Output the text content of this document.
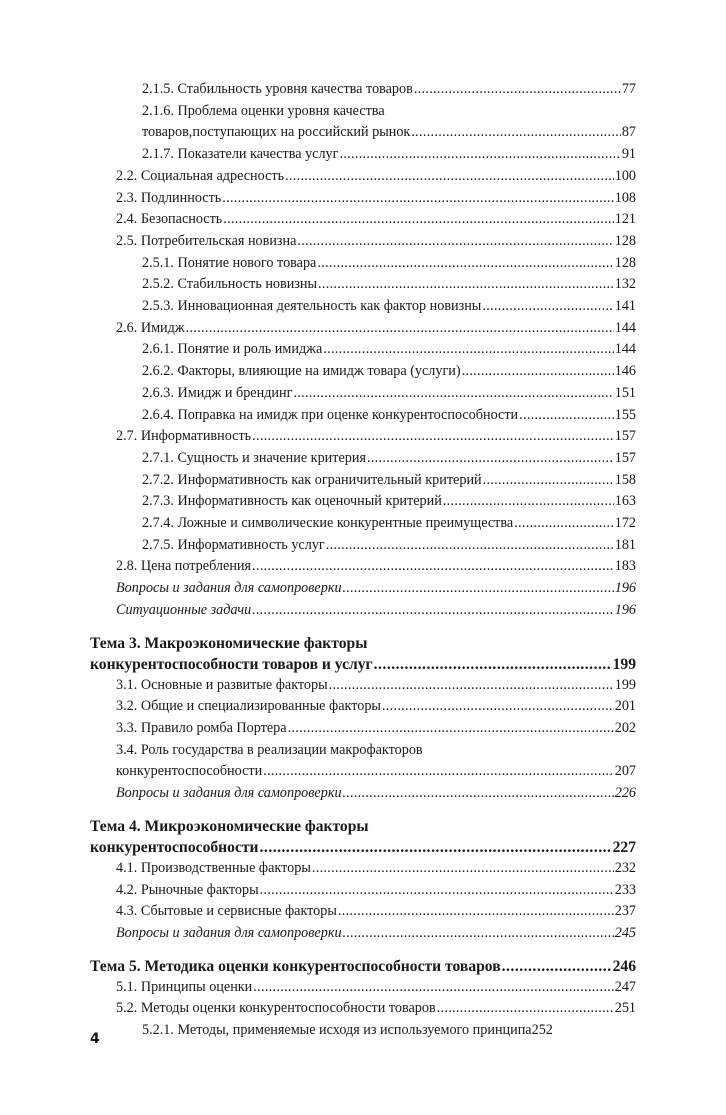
2.1.5. Стабильность уровня качества товаров .....	77
2.1.6. Проблема оценки уровня качества
товаров,поступающих на российский рынок .....	87
2.1.7. Показатели качества услуг .....	91
2.2. Социальная адресность .....	100
2.3. Подлинность .....	108
2.4. Безопасность .....	121
2.5. Потребительская новизна .....	128
2.5.1. Понятие нового товара .....	128
2.5.2. Стабильность новизны .....	132
2.5.3. Инновационная деятельность как фактор новизны .....	141
2.6. Имидж .....	144
2.6.1. Понятие и роль имиджа .....	144
2.6.2. Факторы, влияющие на имидж товара (услуги) .....	146
2.6.3. Имидж и брендинг .....	151
2.6.4. Поправка на имидж при оценке конкурентоспособности .....	155
2.7. Информативность .....	157
2.7.1. Сущность и значение критерия .....	157
2.7.2. Информативность как ограничительный критерий .....	158
2.7.3. Информативность как оценочный критерий .....	163
2.7.4. Ложные и символические конкурентные преимущества .....	172
2.7.5. Информативность услуг .....	181
2.8. Цена потребления .....	183
Вопросы и задания для самопроверки .....	196
Ситуационные задачи .....	196
Тема 3. Макроэкономические факторы
конкурентоспособности товаров и услуг .....	199
3.1. Основные и развитые факторы .....	199
3.2. Общие и специализированные факторы .....	201
3.3. Правило ромба Портера .....	202
3.4. Роль государства в реализации макрофакторов
конкурентоспособности .....	207
Вопросы и задания для самопроверки .....	226
Тема 4. Микроэкономические факторы
конкурентоспособности .....	227
4.1. Производственные факторы .....	232
4.2. Рыночные факторы .....	233
4.3. Сбытовые и сервисные факторы .....	237
Вопросы и задания для самопроверки .....	245
Тема 5. Методика оценки конкурентоспособности товаров .....	246
5.1. Принципы оценки .....	247
5.2. Методы оценки конкурентоспособности товаров .....	251
5.2.1. Методы, применяемые исходя из используемого принципа 252
4
